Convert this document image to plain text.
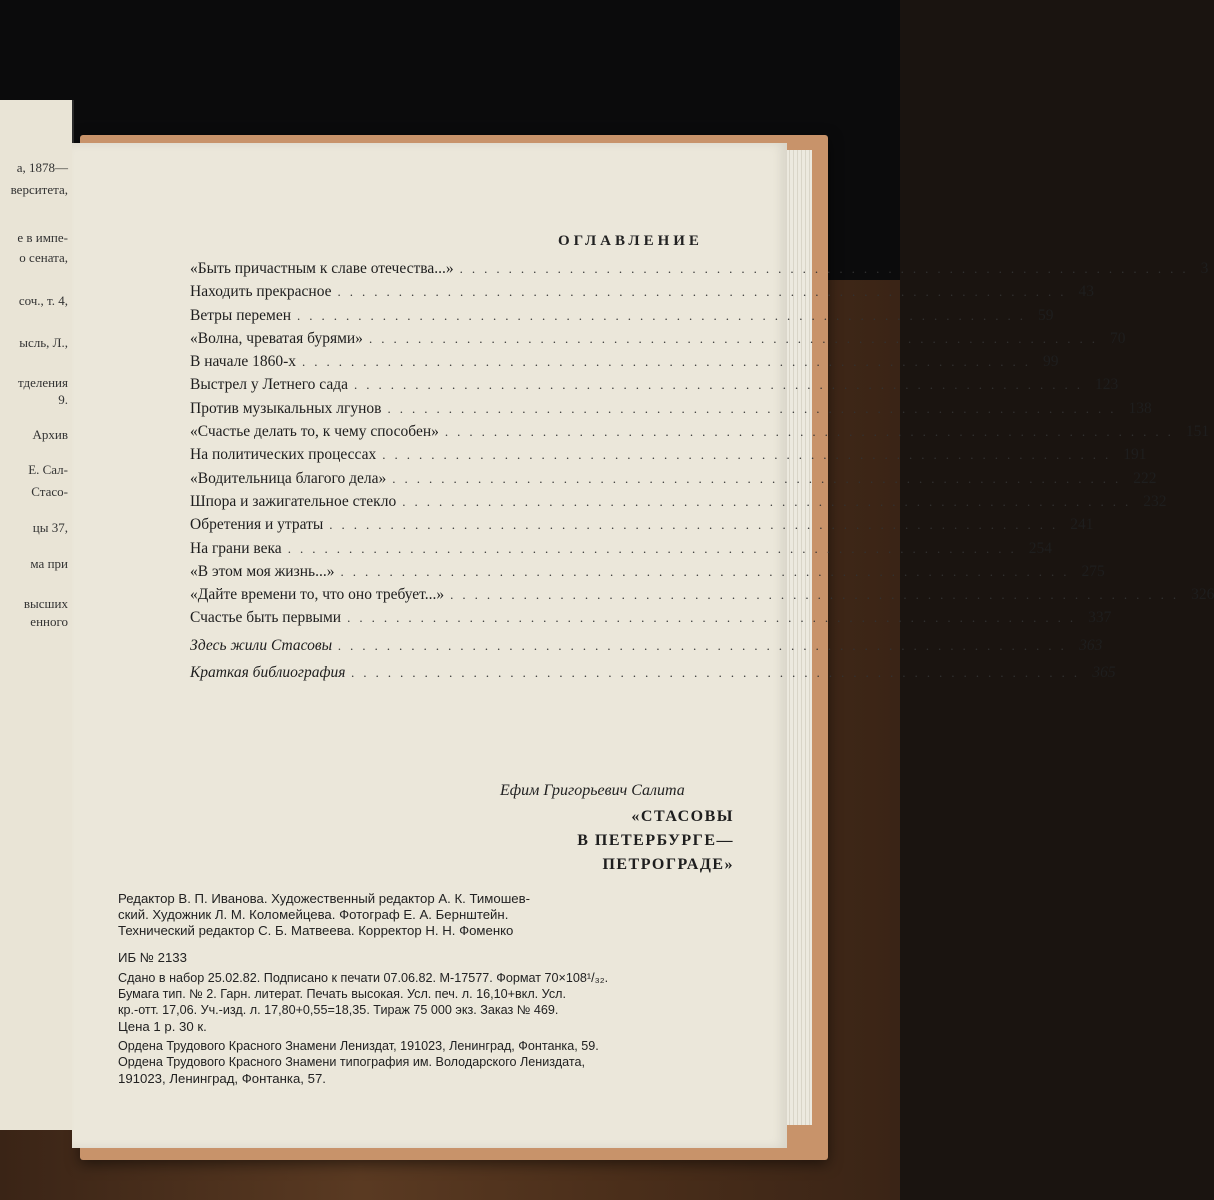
а, 1878—
верситета,
е в импе-
о сената,
соч., т. 4,
ысль, Л.,
тделения
9.
Архив
Е. Сал-
Стасо-
цы 37,
ма при
высших
енного
ОГЛАВЛЕНИЕ
«Быть причастным к славе отечества...» ............................................................ 3
Находить прекрасное ............................................................ 43
Ветры перемен ............................................................ 59
«Волна, чреватая бурями» ............................................................ 70
В начале 1860-х ............................................................ 99
Выстрел у Летнего сада ............................................................ 123
Против музыкальных лгунов ............................................................ 138
«Счастье делать то, к чему способен» ............................................................ 151
На политических процессах ............................................................ 191
«Водительница благого дела» ............................................................ 222
Шпора и зажигательное стекло ............................................................ 232
Обретения и утраты ............................................................ 241
На грани века ............................................................ 254
«В этом моя жизнь...» ............................................................ 275
«Дайте времени то, что оно требует...» ............................................................ 326
Счастье быть первыми ............................................................ 337
Здесь жили Стасовы ............................................................ 363
Краткая библиография ............................................................ 365
Ефим Григорьевич Салита
«СТАСОВЫ
В ПЕТЕРБУРГЕ—
ПЕТРОГРАДЕ»
Редактор В. П. Иванова. Художественный редактор А. К. Тимошев-
ский. Художник Л. М. Коломейцева. Фотограф Е. А. Бернштейн.
Технический редактор С. Б. Матвеева. Корректор Н. Н. Фоменко
ИБ № 2133
Сдано в набор 25.02.82. Подписано к печати 07.06.82. М-17577. Формат 70×108¹/₃₂.
Бумага тип. № 2. Гарн. литерат. Печать высокая. Усл. печ. л. 16,10+вкл. Усл.
кр.-отт. 17,06. Уч.-изд. л. 17,80+0,55=18,35. Тираж 75 000 экз. Заказ № 469.
Цена 1 р. 30 к.
Ордена Трудового Красного Знамени Лениздат, 191023, Ленинград, Фонтанка, 59.
Ордена Трудового Красного Знамени типография им. Володарского Лениздата,
191023, Ленинград, Фонтанка, 57.
